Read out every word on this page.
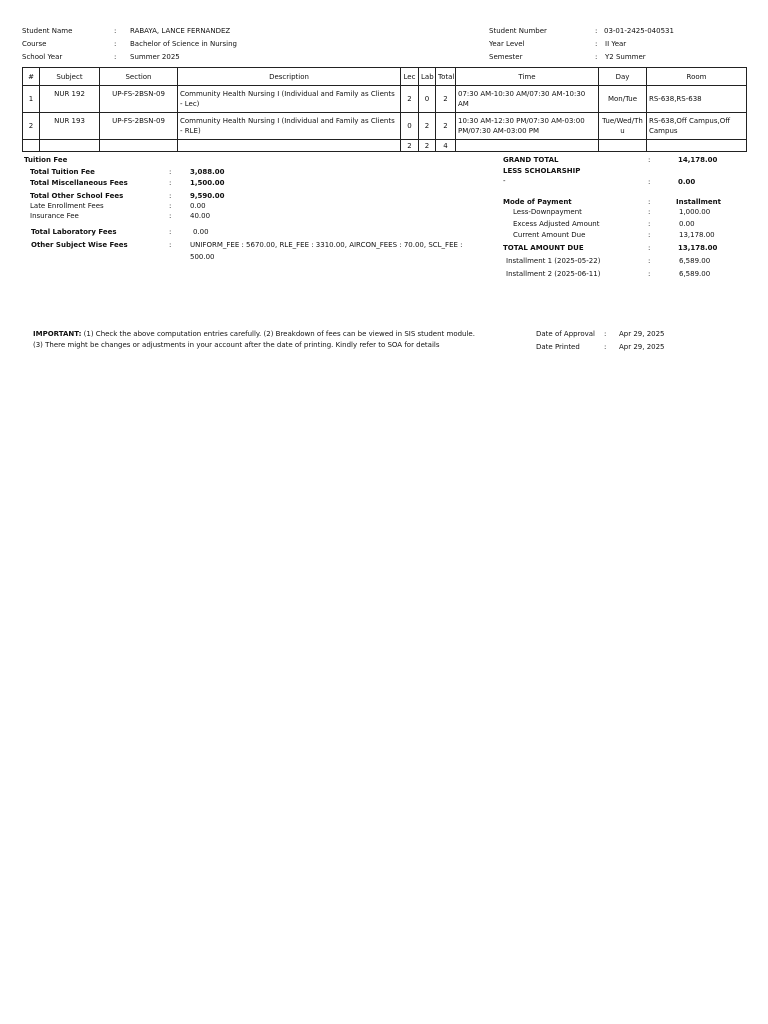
Student Name	: RABAYA, LANCE FERNANDEZ
Course	: Bachelor of Science in Nursing
School Year	: Summer 2025
Student Number	: 03-01-2425-040531
Year Level	: II Year
Semester	: Y2 Summer
#	Subject	Section	Description	Lec	Lab	Total	Time	Day	Room
1	NUR 192	UP-FS-2BSN-09	Community Health Nursing I (Individual and Family as Clients - Lec)	2	0	2	07:30 AM-10:30 AM/07:30 AM-10:30 AM	Mon/Tue	RS-638,RS-638
2	NUR 193	UP-FS-2BSN-09	Community Health Nursing I (Individual and Family as Clients - RLE)	0	2	2	10:30 AM-12:30 PM/07:30 AM-03:00 PM/07:30 AM-03:00 PM	Tue/Wed/Thu	RS-638,Off Campus,Off Campus
				2	2	4			
Tuition Fee
Total Tuition Fee	:	3,088.00
Total Miscellaneous Fees	:	1,500.00
Total Other School Fees	:	9,590.00
Late Enrollment Fees	:	0.00
Insurance Fee	:	40.00
Total Laboratory Fees	:	0.00
Other Subject Wise Fees	:	UNIFORM_FEE : 5670.00, RLE_FEE : 3310.00, AIRCON_FEES : 70.00, SCL_FEE :
500.00
GRAND TOTAL	:	14,178.00
LESS SCHOLARSHIP
-	:	0.00
Mode of Payment	:	Installment
Less-Downpayment	:	1,000.00
Excess Adjusted Amount	:	0.00
Current Amount Due	:	13,178.00
TOTAL AMOUNT DUE	:	13,178.00
Installment 1 (2025-05-22)	:	6,589.00
Installment 2 (2025-06-11)	:	6,589.00
IMPORTANT: (1) Check the above computation entries carefully. (2) Breakdown of fees can be viewed in SIS student module.
(3) There might be changes or adjustments in your account after the date of printing. Kindly refer to SOA for details
Date of Approval : Apr 29, 2025
Date Printed	: Apr 29, 2025
